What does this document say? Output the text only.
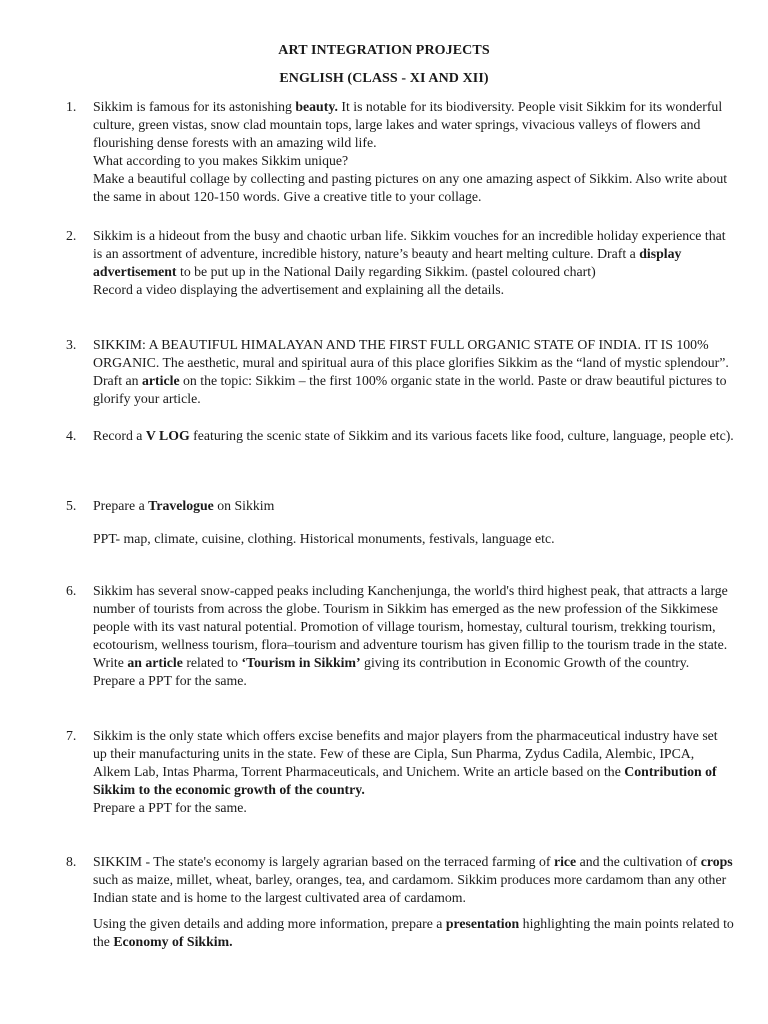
ART INTEGRATION PROJECTS

ENGLISH (CLASS - XI AND XII)

1.	Sikkim is famous for its astonishing beauty. It is notable for its biodiversity. People visit Sikkim for its wonderful culture, green vistas, snow clad mountain tops, large lakes and water springs, vivacious valleys of flowers and flourishing dense forests with an amazing wild life.

What according to you makes Sikkim unique?

Make a beautiful collage by collecting and pasting pictures on any one amazing aspect of Sikkim. Also write about the same in about 120-150 words. Give a creative title to your collage.

2.	Sikkim is a hideout from the busy and chaotic urban life. Sikkim vouches for an incredible holiday experience that is an assortment of adventure, incredible history, nature’s beauty and heart melting culture. Draft a display advertisement to be put up in the National Daily regarding Sikkim. (pastel coloured chart)

Record a video displaying the advertisement and explaining all the details.

3.	SIKKIM: A BEAUTIFUL HIMALAYAN AND THE FIRST FULL ORGANIC STATE OF INDIA. IT IS 100% ORGANIC. The aesthetic, mural and spiritual aura of this place glorifies Sikkim as the “land of mystic splendour”. Draft an article on the topic: Sikkim – the first 100% organic state in the world. Paste or draw beautiful pictures to glorify your article.

4.	Record a V LOG featuring the scenic state of Sikkim and its various facets like food, culture, language, people etc).

5.	Prepare a Travelogue on Sikkim

PPT- map, climate, cuisine, clothing. Historical monuments, festivals, language etc.

6.	Sikkim has several snow-capped peaks including Kanchenjunga, the world's third highest peak, that attracts a large number of tourists from across the globe. Tourism in Sikkim has emerged as the new profession of the Sikkimese people with its vast natural potential. Promotion of village tourism, homestay, cultural tourism, trekking tourism, ecotourism, wellness tourism, flora–tourism and adventure tourism has given fillip to the tourism trade in the state. Write an article related to ‘Tourism in Sikkim’ giving its contribution in Economic Growth of the country. Prepare a PPT for the same.

7.	Sikkim is the only state which offers excise benefits and major players from the pharmaceutical industry have set up their manufacturing units in the state. Few of these are Cipla, Sun Pharma, Zydus Cadila, Alembic, IPCA, Alkem Lab, Intas Pharma, Torrent Pharmaceuticals, and Unichem. Write an article based on the Contribution of Sikkim to the economic growth of the country.

Prepare a PPT for the same.

8.	SIKKIM - The state's economy is largely agrarian based on the terraced farming of rice and the cultivation of crops such as maize, millet, wheat, barley, oranges, tea, and cardamom. Sikkim produces more cardamom than any other Indian state and is home to the largest cultivated area of cardamom.

Using the given details and adding more information, prepare a presentation highlighting the main points related to the Economy of Sikkim.
